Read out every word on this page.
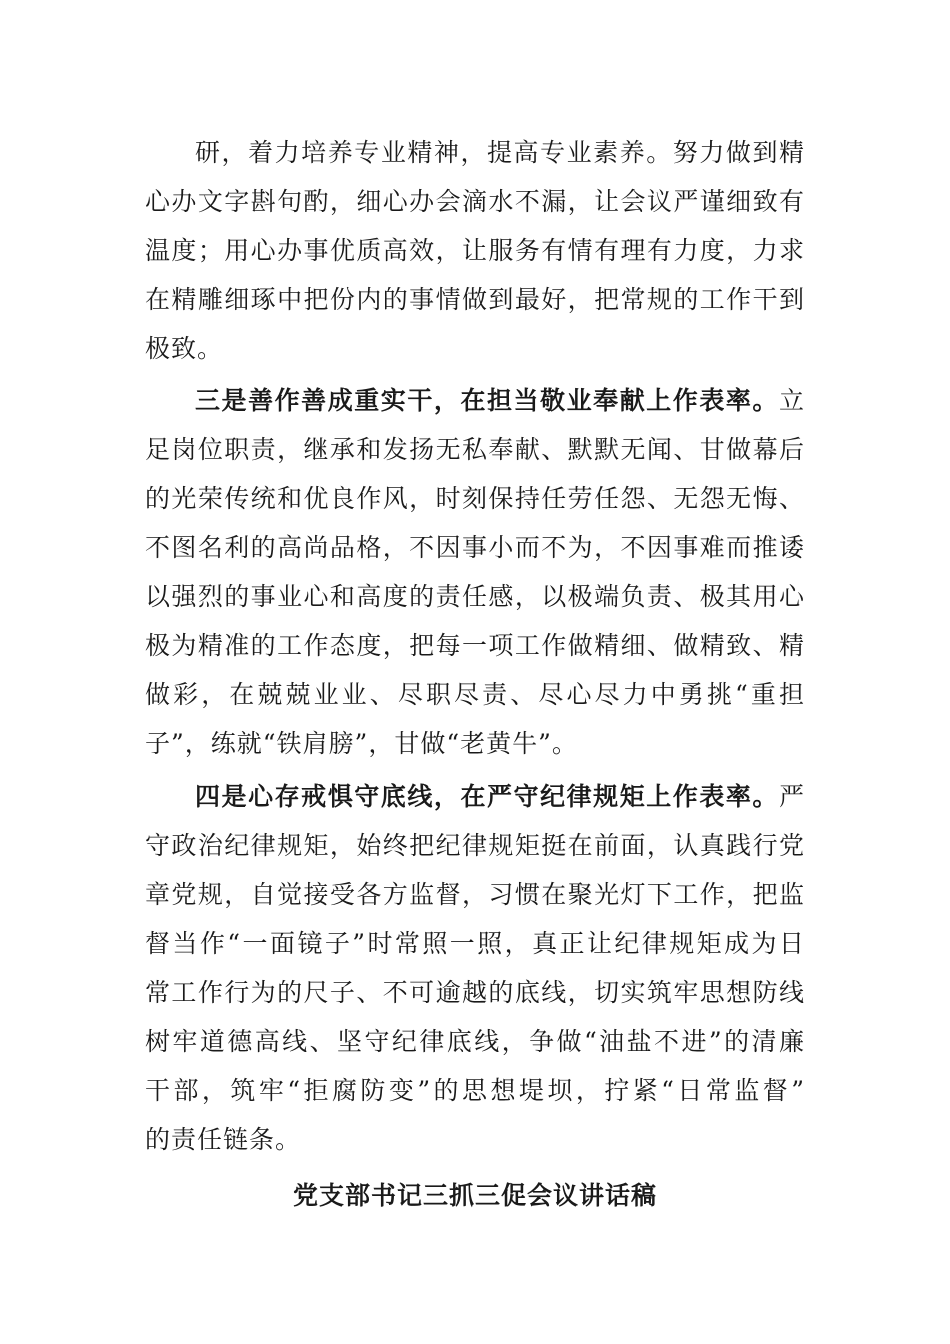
研，着力培养专业精神，提高专业素养。努力做到精
心办文字斟句酌，细心办会滴水不漏，让会议严谨细致有
温度；用心办事优质高效，让服务有情有理有力度，力求
在精雕细琢中把份内的事情做到最好，把常规的工作干到
极致。
三是善作善成重实干，在担当敬业奉献上作表率。立
足岗位职责，继承和发扬无私奉献、默默无闻、甘做幕后
的光荣传统和优良作风，时刻保持任劳任怨、无怨无悔、
不图名利的高尚品格，不因事小而不为，不因事难而推诿
以强烈的事业心和高度的责任感，以极端负责、极其用心
极为精准的工作态度，把每一项工作做精细、做精致、精
做彩，在兢兢业业、尽职尽责、尽心尽力中勇挑“重担
子”，练就“铁肩膀”，甘做“老黄牛”。
四是心存戒惧守底线，在严守纪律规矩上作表率。严
守政治纪律规矩，始终把纪律规矩挺在前面，认真践行党
章党规，自觉接受各方监督，习惯在聚光灯下工作，把监
督当作“一面镜子”时常照一照，真正让纪律规矩成为日
常工作行为的尺子、不可逾越的底线，切实筑牢思想防线
树牢道德高线、坚守纪律底线，争做“油盐不进”的清廉
干部，筑牢“拒腐防变”的思想堤坝，拧紧“日常监督”
的责任链条。
党支部书记三抓三促会议讲话稿
